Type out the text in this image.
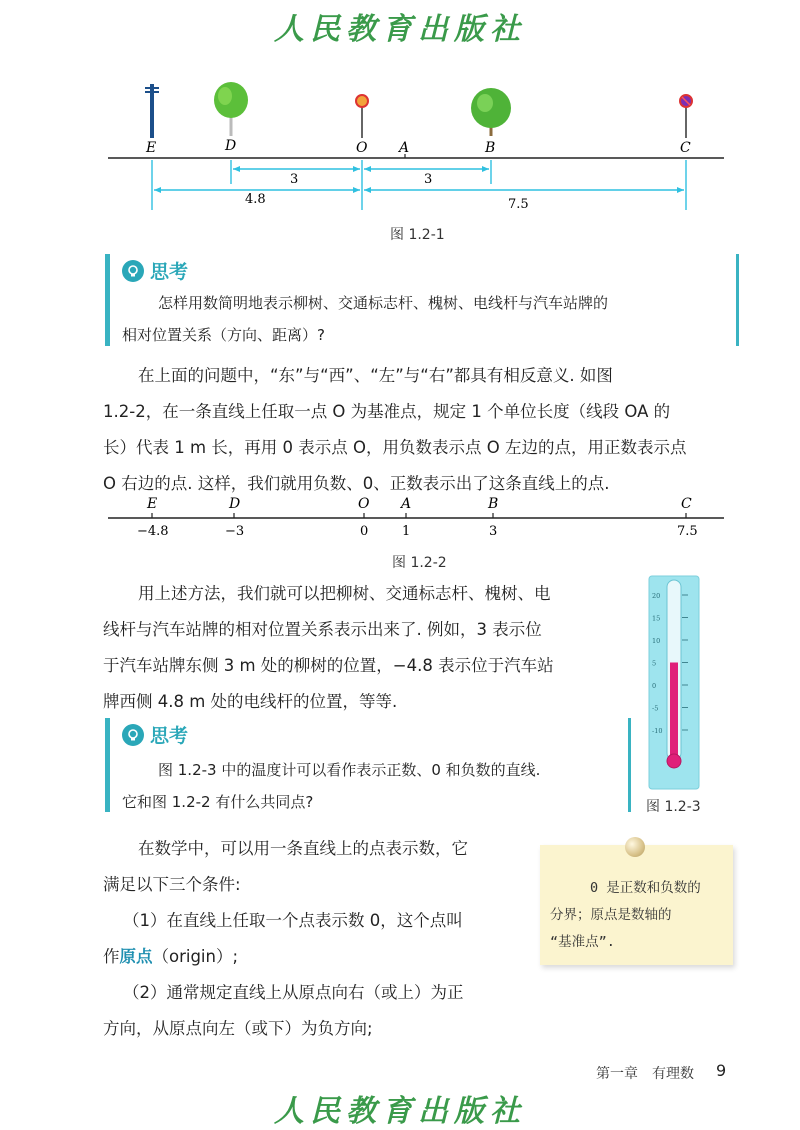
人民教育出版社
E	D	O A	B	C
3	3
4.8	7.5
图 1.2-1
思考
怎样用数简明地表示柳树、交通标志杆、槐树、电线杆与汽车站牌的
相对位置关系（方向、距离）?
在上面的问题中，“东”与“西”、“左”与“右”都具有相反意义. 如图
1.2-2，在一条直线上任取一点 O 为基准点，规定 1 个单位长度（线段 OA 的
长）代表 1 m 长，再用 0 表示点 O，用负数表示点 O 左边的点，用正数表示点
O 右边的点. 这样，我们就用负数、0、正数表示出了这条直线上的点.
E	D	O A	B	C
−4.8	−3	0	1	3	7.5
图 1.2-2
用上述方法，我们就可以把柳树、交通标志杆、槐树、电
线杆与汽车站牌的相对位置关系表示出来了. 例如，3 表示位
于汽车站牌东侧 3 m 处的柳树的位置，−4.8 表示位于汽车站
牌西侧 4.8 m 处的电线杆的位置，等等.
20
15
10
5
0
-5
-10
图 1.2-3
思考
图 1.2-3 中的温度计可以看作表示正数、0 和负数的直线.
它和图 1.2-2 有什么共同点?
在数学中，可以用一条直线上的点表示数，它
满足以下三个条件:
（1）在直线上任取一个点表示数 0，这个点叫
作原点（origin）;
（2）通常规定直线上从原点向右（或上）为正
方向，从原点向左（或下）为负方向;
0 是正数和负数的
分界；原点是数轴的
“基准点”.
第一章　有理数 9
人民教育出版社
